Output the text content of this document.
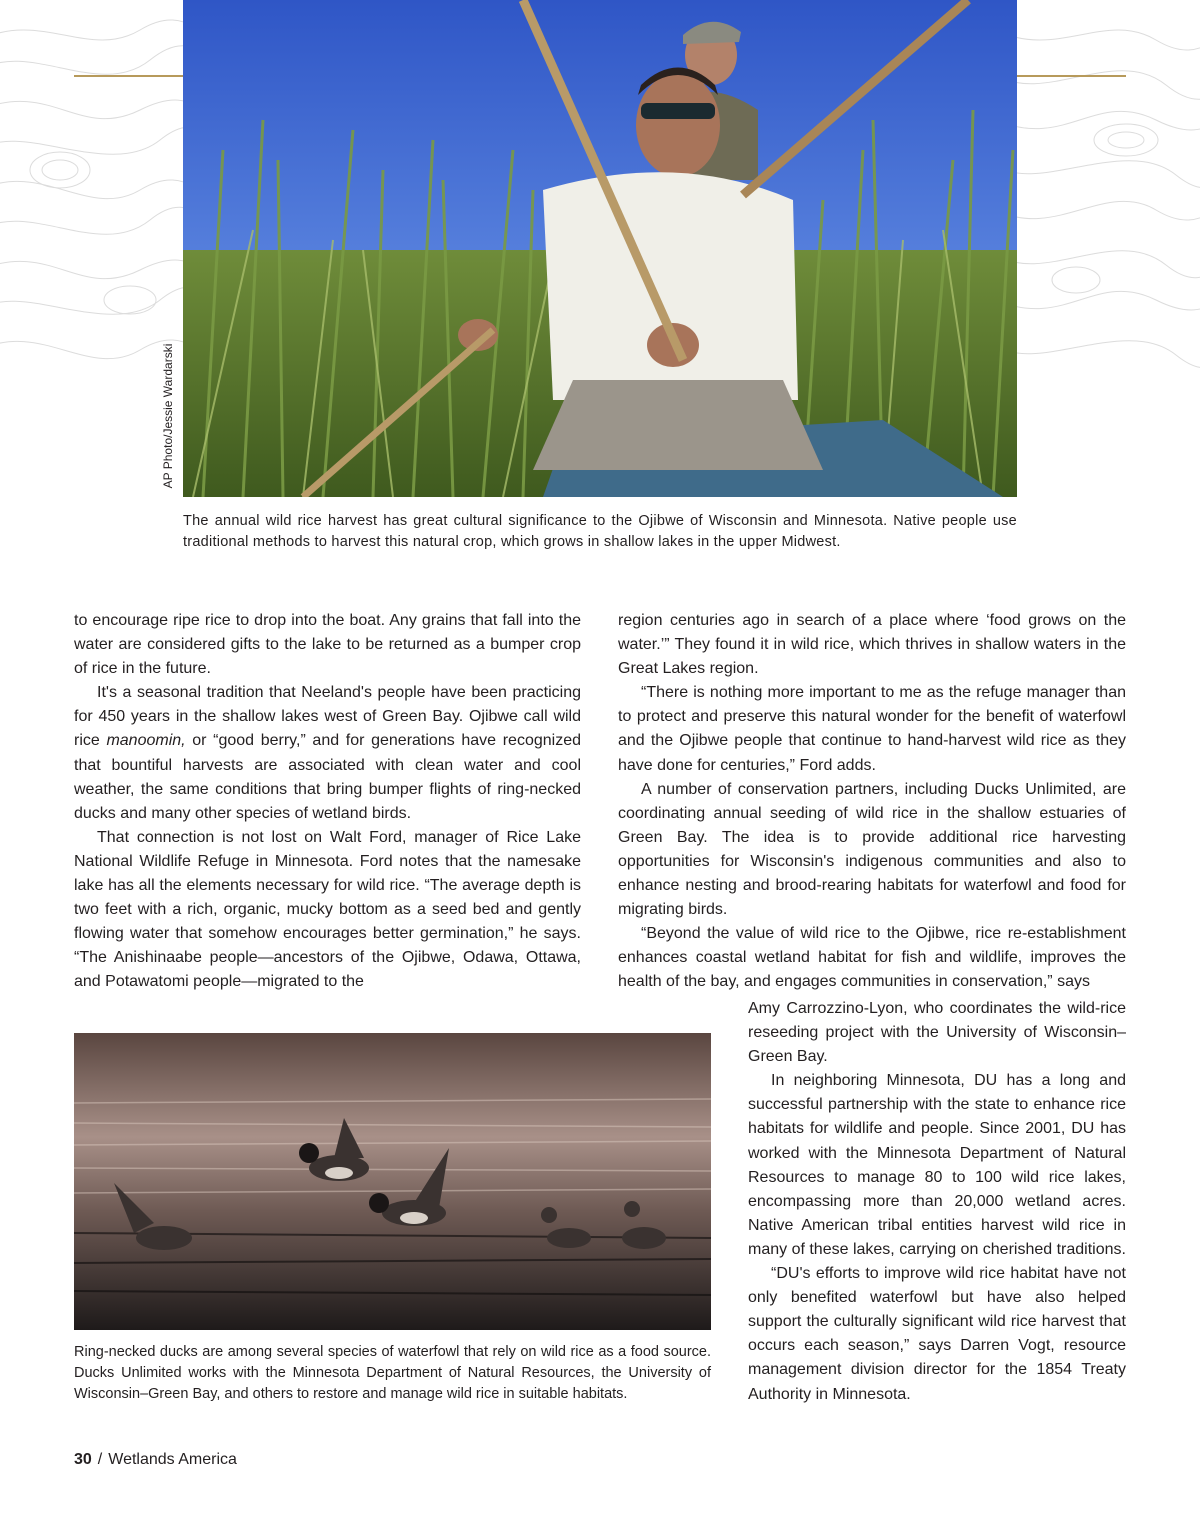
AP Photo/Jessie Wardarski

The annual wild rice harvest has great cultural significance to the Ojibwe of Wisconsin and Minnesota. Native people use traditional methods to harvest this natural crop, which grows in shallow lakes in the upper Midwest.

to encourage ripe rice to drop into the boat. Any grains that fall into the water are considered gifts to the lake to be returned as a bumper crop of rice in the future.

It's a seasonal tradition that Neeland's people have been practicing for 450 years in the shallow lakes west of Green Bay. Ojibwe call wild rice manoomin, or “good berry,” and for generations have recognized that bountiful harvests are associated with clean water and cool weather, the same conditions that bring bumper flights of ring-necked ducks and many other species of wetland birds.

That connection is not lost on Walt Ford, manager of Rice Lake National Wildlife Refuge in Minnesota. Ford notes that the namesake lake has all the elements necessary for wild rice. “The average depth is two feet with a rich, organic, mucky bottom as a seed bed and gently flowing water that somehow encourages better germination,” he says. “The Anishinaabe people—ancestors of the Ojibwe, Odawa, Ottawa, and Potawatomi people—migrated to the

region centuries ago in search of a place where ‘food grows on the water.’” They found it in wild rice, which thrives in shallow waters in the Great Lakes region.

“There is nothing more important to me as the refuge manager than to protect and preserve this natural wonder for the benefit of waterfowl and the Ojibwe people that continue to hand-harvest wild rice as they have done for centuries,” Ford adds.

A number of conservation partners, including Ducks Unlimited, are coordinating annual seeding of wild rice in the shallow estuaries of Green Bay. The idea is to provide additional rice harvesting opportunities for Wisconsin's indigenous communities and also to enhance nesting and brood-rearing habitats for waterfowl and food for migrating birds.

“Beyond the value of wild rice to the Ojibwe, rice re-establishment enhances coastal wetland habitat for fish and wildlife, improves the health of the bay, and engages communities in conservation,” says

Amy Carrozzino-Lyon, who coordinates the wild-rice reseeding project with the University of Wisconsin–Green Bay.

In neighboring Minnesota, DU has a long and successful partnership with the state to enhance rice habitats for wildlife and people. Since 2001, DU has worked with the Minnesota Department of Natural Resources to manage 80 to 100 wild rice lakes, encompassing more than 20,000 wetland acres. Native American tribal entities harvest wild rice in many of these lakes, carrying on cherished traditions.

“DU's efforts to improve wild rice habitat have not only benefited waterfowl but have also helped support the culturally significant wild rice harvest that occurs each season,” says Darren Vogt, resource management division director for the 1854 Treaty Authority in Minnesota.

Ring-necked ducks are among several species of waterfowl that rely on wild rice as a food source. Ducks Unlimited works with the Minnesota Department of Natural Resources, the University of Wisconsin–Green Bay, and others to restore and manage wild rice in suitable habitats.

30 / Wetlands America
